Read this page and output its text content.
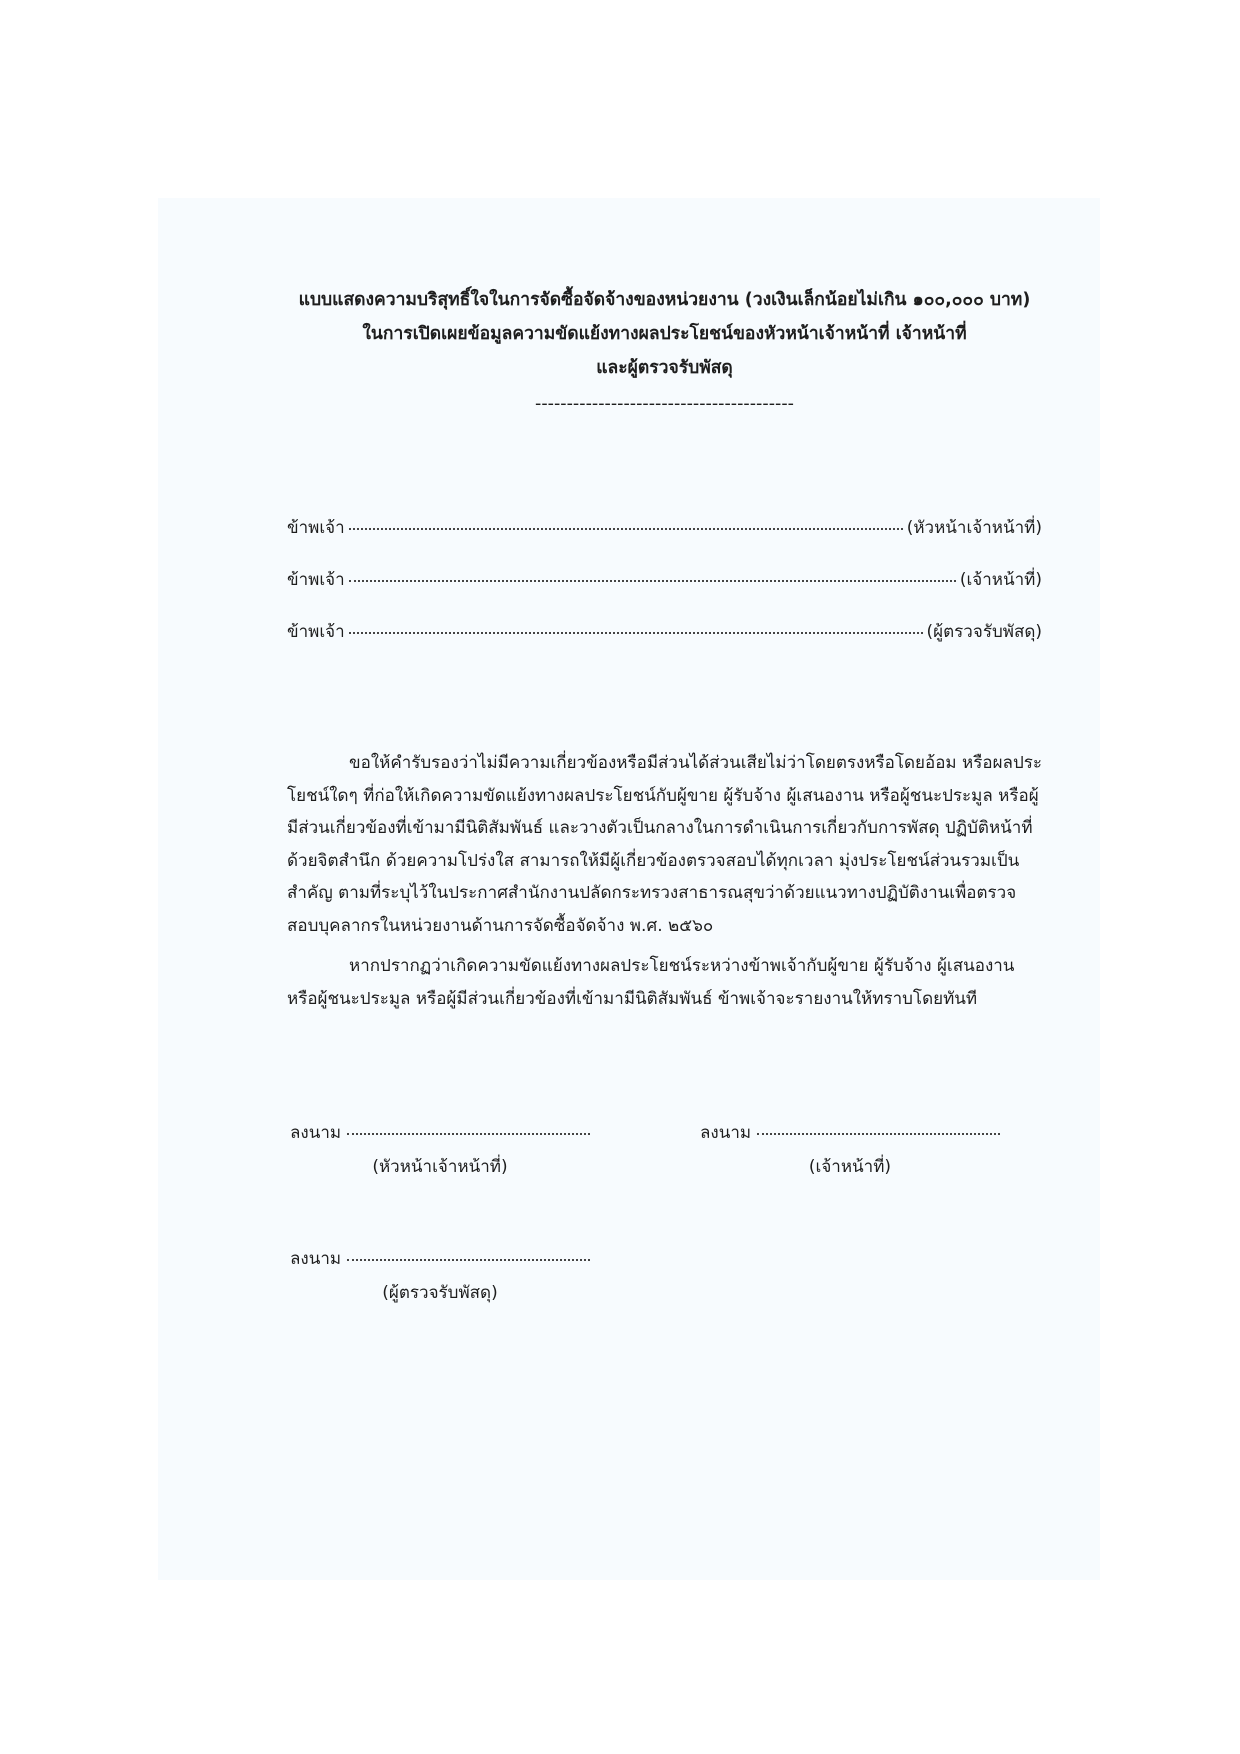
แบบแสดงความบริสุทธิ์ใจในการจัดซื้อจัดจ้างของหน่วยงาน (วงเงินเล็กน้อยไม่เกิน ๑๐๐,๐๐๐ บาท)
ในการเปิดเผยข้อมูลความขัดแย้งทางผลประโยชน์ของหัวหน้าเจ้าหน้าที่ เจ้าหน้าที่
และผู้ตรวจรับพัสดุ
-----------------------------------------
ข้าพเจ้า	(หัวหน้าเจ้าหน้าที่)
ข้าพเจ้า	(เจ้าหน้าที่)
ข้าพเจ้า	(ผู้ตรวจรับพัสดุ)

ขอให้คำรับรองว่าไม่มีความเกี่ยวข้องหรือมีส่วนได้ส่วนเสียไม่ว่าโดยตรงหรือโดยอ้อม หรือผลประโยชน์ใดๆ ที่ก่อให้เกิดความขัดแย้งทางผลประโยชน์กับผู้ขาย ผู้รับจ้าง ผู้เสนองาน หรือผู้ชนะประมูล หรือผู้มีส่วนเกี่ยวข้องที่เข้ามามีนิติสัมพันธ์ และวางตัวเป็นกลางในการดำเนินการเกี่ยวกับการพัสดุ ปฏิบัติหน้าที่ด้วยจิตสำนึก ด้วยความโปร่งใส สามารถให้มีผู้เกี่ยวข้องตรวจสอบได้ทุกเวลา มุ่งประโยชน์ส่วนรวมเป็นสำคัญ ตามที่ระบุไว้ในประกาศสำนักงานปลัดกระทรวงสาธารณสุขว่าด้วยแนวทางปฏิบัติงานเพื่อตรวจสอบบุคลากรในหน่วยงานด้านการจัดซื้อจัดจ้าง พ.ศ. ๒๕๖๐

หากปรากฏว่าเกิดความขัดแย้งทางผลประโยชน์ระหว่างข้าพเจ้ากับผู้ขาย ผู้รับจ้าง ผู้เสนองาน หรือผู้ชนะประมูล หรือผู้มีส่วนเกี่ยวข้องที่เข้ามามีนิติสัมพันธ์ ข้าพเจ้าจะรายงานให้ทราบโดยทันที

ลงนาม
(หัวหน้าเจ้าหน้าที่)
ลงนาม
(เจ้าหน้าที่)
ลงนาม
(ผู้ตรวจรับพัสดุ)
